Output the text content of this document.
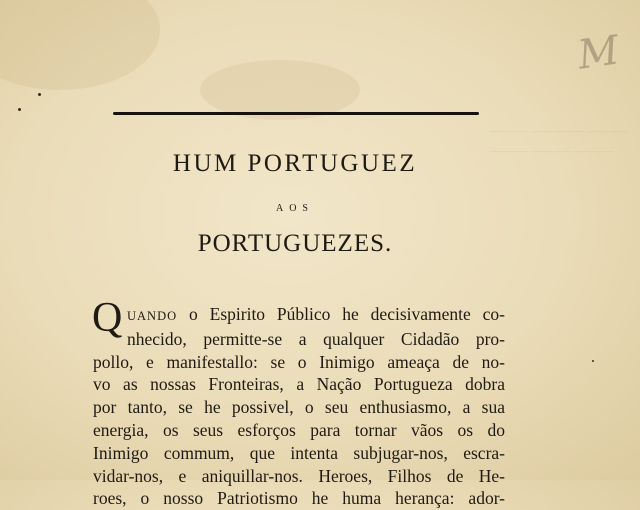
——— ———— ———
——— ——— ———
M
HUM PORTUGUEZ
AOS
PORTUGUEZES.
Q UANDO o Espirito Público he decisivamente co-
nhecido, permitte-se a qualquer Cidadão pro-
pollo, e manifestallo: se o Inimigo ameaça de no-
vo as nossas Fronteiras, a Nação Portugueza dobra
por tanto, se he possivel, o seu enthusiasmo, a sua
energia, os seus esforços para tornar vãos os do
Inimigo commum, que intenta subjugar-nos, escra-
vidar-nos, e aniquillar-nos. Heroes, Filhos de He-
roes, o nosso Patriotismo he huma herança: ador-
